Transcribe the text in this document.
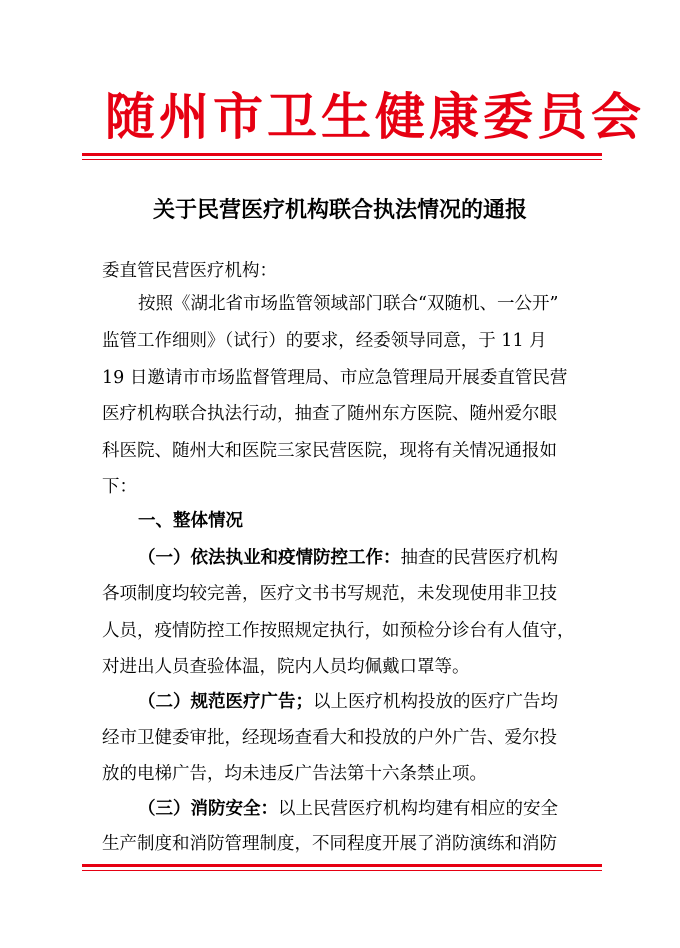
随州市卫生健康委员会
关于民营医疗机构联合执法情况的通报
委直管民营医疗机构：
按照《湖北省市场监管领域部门联合“双随机、一公开”
监管工作细则》（试行）的要求，经委领导同意，于 11 月
19 日邀请市市场监督管理局、市应急管理局开展委直管民营
医疗机构联合执法行动，抽查了随州东方医院、随州爱尔眼
科医院、随州大和医院三家民营医院，现将有关情况通报如
下：
一、整体情况
（一）依法执业和疫情防控工作：抽查的民营医疗机构
各项制度均较完善，医疗文书书写规范，未发现使用非卫技
人员，疫情防控工作按照规定执行，如预检分诊台有人值守，
对进出人员查验体温，院内人员均佩戴口罩等。
（二）规范医疗广告；以上医疗机构投放的医疗广告均
经市卫健委审批，经现场查看大和投放的户外广告、爱尔投
放的电梯广告，均未违反广告法第十六条禁止项。
（三）消防安全：以上民营医疗机构均建有相应的安全
生产制度和消防管理制度，不同程度开展了消防演练和消防
